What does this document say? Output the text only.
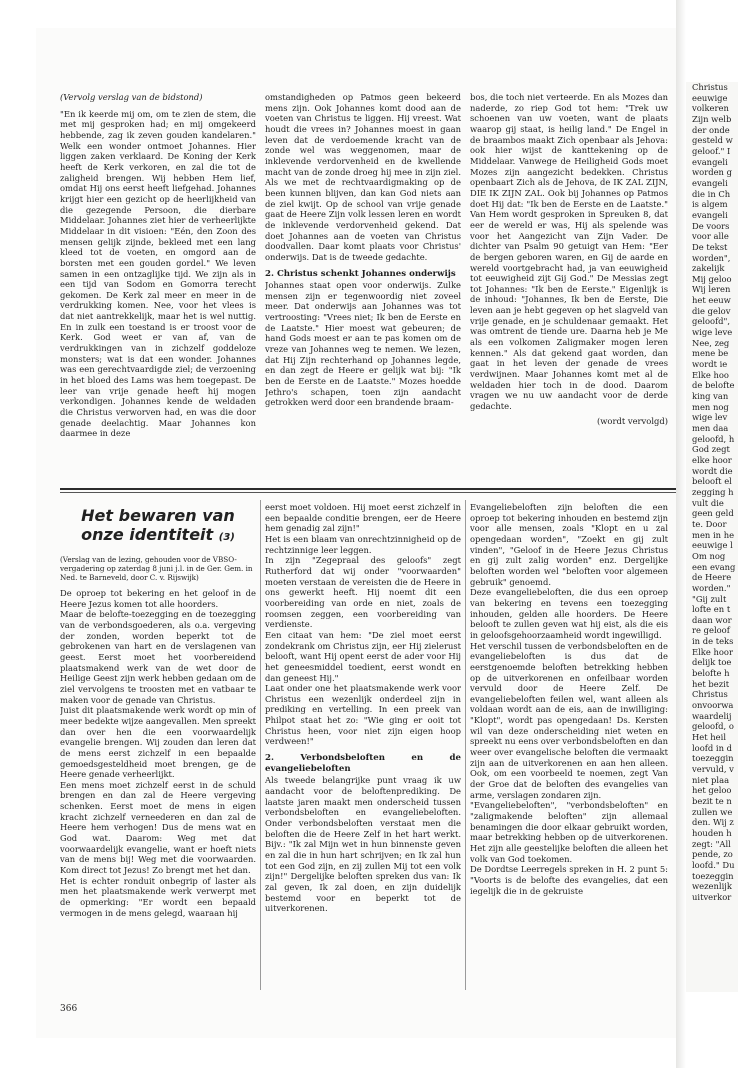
(Vervolg verslag van de bidstond)

"En ik keerde mij om, om te zien de stem, die met mij gesproken had; en mij omgekeerd hebbende, zag ik zeven gouden kandelaren." Welk een wonder ontmoet Johannes. Hier liggen zaken verklaard. De Koning der Kerk heeft de Kerk verkoren, en zal die tot de zaligheid brengen. Wij hebben Hem lief, omdat Hij ons eerst heeft liefgehad. Johannes krijgt hier een gezicht op de heerlijkheid van die gezegende Persoon, die dierbare Middelaar. Johannes ziet hier de verheerlijkte Middelaar in dit visioen: "Eén, den Zoon des mensen gelijk zijnde, bekleed met een lang kleed tot de voeten, en omgord aan de borsten met een gouden gordel." We leven samen in een ontzaglijke tijd. We zijn als in een tijd van Sodom en Gomorra terecht gekomen. De Kerk zal meer en meer in de verdrukking komen. Nee, voor het vlees is dat niet aantrekkelijk, maar het is wel nuttig. En in zulk een toestand is er troost voor de Kerk. God weet er van af, van de verdrukkingen van in zichzelf goddeloze monsters; wat is dat een wonder. Johannes was een gerechtvaardigde ziel; de verzoening in het bloed des Lams was hem toegepast. De leer van vrije genade heeft hij mogen verkondigen. Johannes kende de weldaden die Christus verworven had, en was die door genade deelachtig. Maar Johannes kon daarmee in deze

omstandigheden op Patmos geen bekeerd mens zijn. Ook Johannes komt dood aan de voeten van Christus te liggen. Hij vreest. Wat houdt die vrees in? Johannes moest in gaan leven dat de verdoemende kracht van de zonde wel was weggenomen, maar de inklevende verdorvenheid en de kwellende macht van de zonde droeg hij mee in zijn ziel. Als we met de rechtvaardigmaking op de been kunnen blijven, dan kan God niets aan de ziel kwijt. Op de school van vrije genade gaat de Heere Zijn volk lessen leren en wordt de inklevende verdorvenheid gekend. Dat doet Johannes aan de voeten van Christus doodvallen. Daar komt plaats voor Christus' onderwijs. Dat is de tweede gedachte.

2. Christus schenkt Johannes onderwijs

Johannes staat open voor onderwijs. Zulke mensen zijn er tegenwoordig niet zoveel meer. Dat onderwijs aan Johannes was tot vertroosting: "Vrees niet; Ik ben de Eerste en de Laatste." Hier moest wat gebeuren; de hand Gods moest er aan te pas komen om de vreze van Johannes weg te nemen. We lezen, dat Hij Zijn rechterhand op Johannes legde, en dan zegt de Heere er gelijk wat bij: "Ik ben de Eerste en de Laatste." Mozes hoedde Jethro's schapen, toen zijn aandacht getrokken werd door een brandende braam-

bos, die toch niet verteerde. En als Mozes dan naderde, zo riep God tot hem: "Trek uw schoenen van uw voeten, want de plaats waarop gij staat, is heilig land." De Engel in de braambos maakt Zich openbaar als Jehova: ook hier wijst de kanttekening op de Middelaar. Vanwege de Heiligheid Gods moet Mozes zijn aangezicht bedekken. Christus openbaart Zich als de Jehova, de IK ZAL ZIJN, DIE IK ZIJN ZAL. Ook bij Johannes op Patmos doet Hij dat: "Ik ben de Eerste en de Laatste." Van Hem wordt gesproken in Spreuken 8, dat eer de wereld er was, Hij als spelende was voor het Aangezicht van Zijn Vader. De dichter van Psalm 90 getuigt van Hem: "Eer de bergen geboren waren, en Gij de aarde en wereld voortgebracht had, ja van eeuwigheid tot eeuwigheid zijt Gij God." De Messias zegt tot Johannes: "Ik ben de Eerste." Eigenlijk is de inhoud: "Johannes, Ik ben de Eerste, Die leven aan je hebt gegeven op het slagveld van vrije genade, en je schuldenaar gemaakt. Het was omtrent de tiende ure. Daarna heb je Me als een volkomen Zaligmaker mogen leren kennen." Als dat gekend gaat worden, dan gaat in het leven der genade de vrees verdwijnen. Maar Johannes komt met al de weldaden hier toch in de dood. Daarom vragen we nu uw aandacht voor de derde gedachte.

(wordt vervolgd)

Het bewaren van onze identiteit (3)

(Verslag van de lezing, gehouden voor de VBSO-vergadering op zaterdag 8 juni j.l. in de Ger. Gem. in Ned. te Barneveld, door C. v. Rijswijk)

De oproep tot bekering en het geloof in de Heere Jezus komen tot alle hoorders.

Maar de belofte-toezegging en de toezegging van de verbondsgoederen, als o.a. vergeving der zonden, worden beperkt tot de gebrokenen van hart en de verslagenen van geest. Eerst moet het voorbereidend plaatsmakend werk van de wet door de Heilige Geest zijn werk hebben gedaan om de ziel vervolgens te troosten met en vatbaar te maken voor de genade van Christus.

Juist dit plaatsmakende werk wordt op min of meer bedekte wijze aangevallen. Men spreekt dan over hen die een voorwaardelijk evangelie brengen. Wij zouden dan leren dat de mens eerst zichzelf in een bepaalde gemoedsgesteldheid moet brengen, ge de Heere genade verheerlijkt.

Een mens moet zichzelf eerst in de schuld brengen en dan zal de Heere vergeving schenken. Eerst moet de mens in eigen kracht zichzelf verneederen en dan zal de Heere hem verhogen! Dus de mens wat en God wat. Daarom: Weg met dat voorwaardelijk evangelie, want er hoeft niets van de mens bij! Weg met die voorwaarden. Kom direct tot Jezus! Zo brengt met het dan.

Het is echter ronduit onbegrip of laster als men het plaatsmakende werk verwerpt met de opmerking: "Er wordt een bepaald vermogen in de mens gelegd, waaraan hij

eerst moet voldoen. Hij moet eerst zichzelf in een bepaalde conditie brengen, eer de Heere hem genadig zal zijn!"

Het is een blaam van onrechtzinnigheid op de rechtzinnige leer leggen.

In zijn "Zegepraal des geloofs" zegt Rutherford dat wij onder "voorwaarden" moeten verstaan de vereisten die de Heere in ons gewerkt heeft. Hij noemt dit een voorbereiding van orde en niet, zoals de roomsen zeggen, een voorbereiding van verdienste.

Een citaat van hem: "De ziel moet eerst zondekrank om Christus zijn, eer Hij zielerust belooft, want Hij opent eerst de ader voor Hij het geneesmiddel toedient, eerst wondt en dan geneest Hij."

Laat onder one het plaatsmakende werk voor Christus een wezenlijk onderdeel zijn in prediking en vertelling. In een preek van Philpot staat het zo: "Wie ging er ooit tot Christus heen, voor niet zijn eigen hoop verdween!"

2. Verbondsbeloften en de evangeliebeloften

Als tweede belangrijke punt vraag ik uw aandacht voor de beloftenprediking. De laatste jaren maakt men onderscheid tussen verbondsbeloften en evangeliebeloften. Onder verbondsbeloften verstaat men die beloften die de Heere Zelf in het hart werkt. Bijv.: "Ik zal Mijn wet in hun binnenste geven en zal die in hun hart schrijven; en Ik zal hun tot een God zijn, en zij zullen Mij tot een volk zijn!" Dergelijke beloften spreken dus van: Ik zal geven, Ik zal doen, en zijn duidelijk bestemd voor en beperkt tot de uitverkorenen.

Evangeliebeloften zijn beloften die een oproep tot bekering inhouden en bestemd zijn voor alle mensen, zoals "Klopt en u zal opengedaan worden", "Zoekt en gij zult vinden", "Geloof in de Heere Jezus Christus en gij zult zalig worden" enz. Dergelijke beloften worden wel "beloften voor algemeen gebruik" genoemd.

Deze evangeliebeloften, die dus een oproep van bekering en tevens een toezegging inhouden, gelden alle hoorders. De Heere belooft te zullen geven wat hij eist, als die eis in geloofsgehoorzaamheid wordt ingewilligd.

Het verschil tussen de verbondsbeloften en de evangeliebeloften is dus dat de eerstgenoemde beloften betrekking hebben op de uitverkorenen en onfeilbaar worden vervuld door de Heere Zelf. De evangeliebeloften feilen wel, want alleen als voldaan wordt aan de eis, aan de inwilliging: "Klopt", wordt pas opengedaan! Ds. Kersten wil van deze onderscheiding niet weten en spreekt nu eens over verbondsbeloften en dan weer over evangelische beloften die vermaakt zijn aan de uitverkorenen en aan hen alleen. Ook, om een voorbeeld te noemen, zegt Van der Groe dat de beloften des evangelies van arme, verslagen zondaren zijn.

"Evangeliebeloften", "verbondsbeloften" en "zaligmakende beloften" zijn allemaal benamingen die door elkaar gebruikt worden, maar betrekking hebben op de uitverkorenen. Het zijn alle geestelijke beloften die alleen het volk van God toekomen.

De Dordtse Leerregels spreken in H. 2 punt 5: "Voorts is de belofte des evangelies, dat een iegelijk die in de gekruiste

366
Christus
eeuwige
volkeren
Zijn welb
der onde
gesteld w
geloof." I
evangeli
worden g
evangeli
die in Ch
is algem
evangeli
De voors
voor alle
De tekst
worden",
zakelijk
Mij geloo
Wij leren
het eeuw
die gelov
geloofd",
wige leve
Nee, zeg
mene be
wordt ie
Elke hoo
de belofte
king van
men nog
wige lev
men daa
geloofd, h
God zegt
elke hoor
wordt die
belooft el
zegging h
vult die
geen geld
te. Door
men in he
eeuwige l
Om nog
een evang
de Heere
worden."
"Gij zult
lofte en t
daan wor
re geloof
in de teks
Elke hoor
delijk toe
belofte h
het bezit
Christus
onvoorwa
waardelij
geloofd, o
Het heil
loofd in d
toezeggin
vervuld, v
niet plaa
het geloo
bezit te n
zullen we
den. Wij z
houden h
zegt: "All
pende, zo
loofd." Du
toezeggin
wezenlijk
uitverkor
